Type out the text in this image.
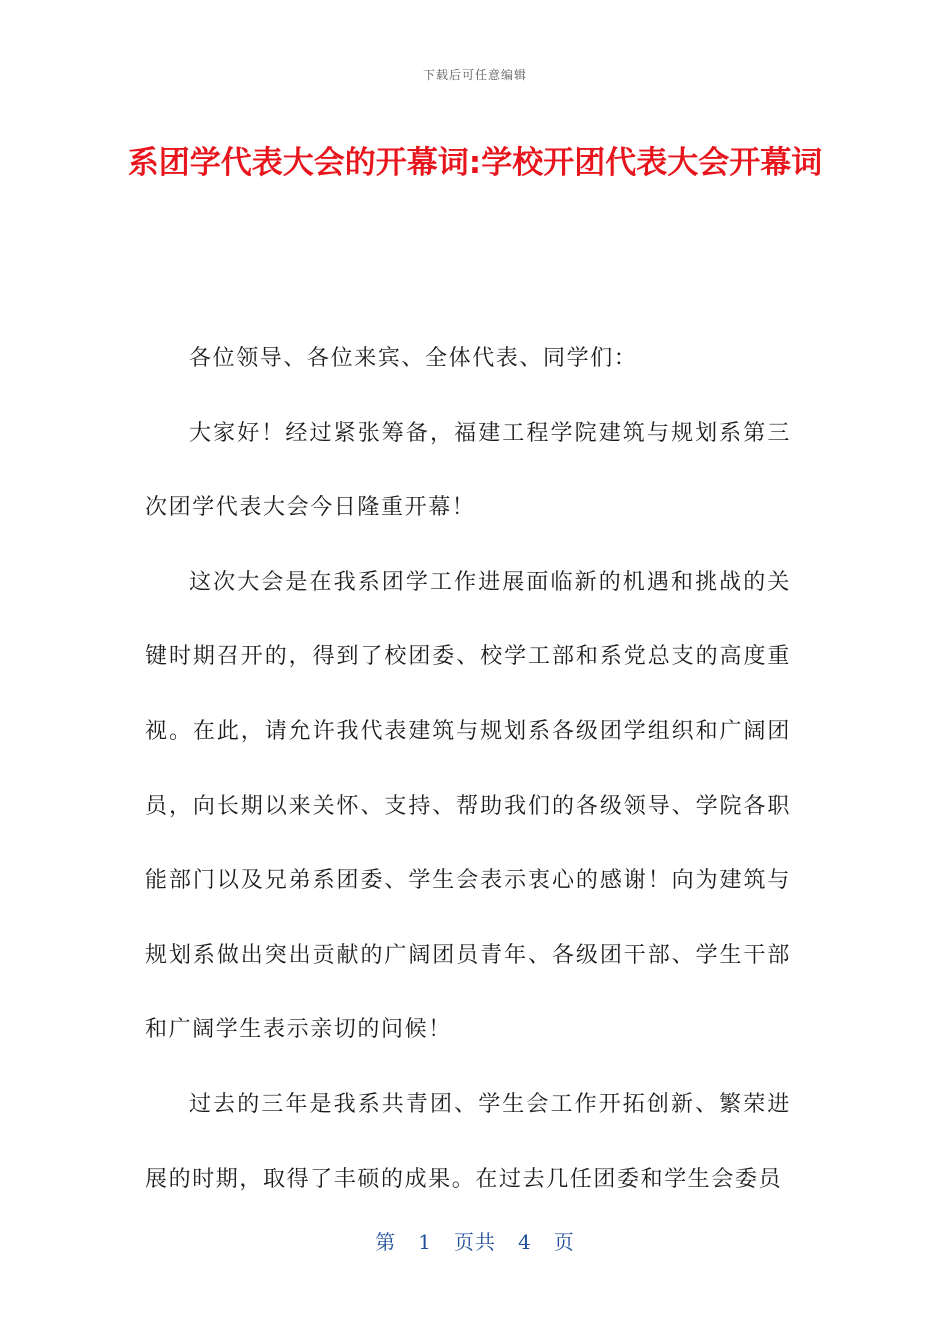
下载后可任意编辑
系团学代表大会的开幕词:学校开团代表大会开幕词

各位领导、各位来宾、全体代表、同学们：

大家好！经过紧张筹备，福建工程学院建筑与规划系第三次团学代表大会今日隆重开幕！

这次大会是在我系团学工作进展面临新的机遇和挑战的关键时期召开的，得到了校团委、校学工部和系党总支的高度重视。在此，请允许我代表建筑与规划系各级团学组织和广阔团员，向长期以来关怀、支持、帮助我们的各级领导、学院各职能部门以及兄弟系团委、学生会表示衷心的感谢！向为建筑与规划系做出突出贡献的广阔团员青年、各级团干部、学生干部和广阔学生表示亲切的问候！

过去的三年是我系共青团、学生会工作开拓创新、繁荣进展的时期，取得了丰硕的成果。在过去几任团委和学生会委员

第 1 页共 4 页
